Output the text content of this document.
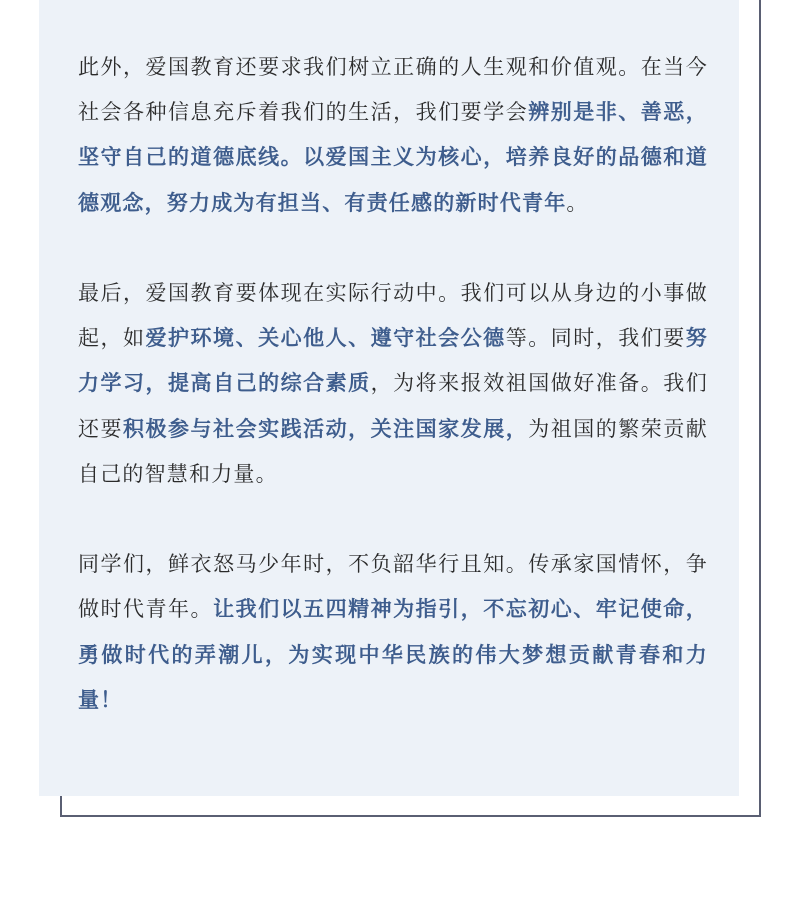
此外，爱国教育还要求我们树立正确的人生观和价值观。在当今社会各种信息充斥着我们的生活，我们要学会辨别是非、善恶，坚守自己的道德底线。以爱国主义为核心，培养良好的品德和道德观念，努力成为有担当、有责任感的新时代青年。

最后，爱国教育要体现在实际行动中。我们可以从身边的小事做起，如爱护环境、关心他人、遵守社会公德等。同时，我们要努力学习，提高自己的综合素质，为将来报效祖国做好准备。我们还要积极参与社会实践活动，关注国家发展，为祖国的繁荣贡献自己的智慧和力量。

同学们，鲜衣怒马少年时，不负韶华行且知。传承家国情怀，争做时代青年。让我们以五四精神为指引，不忘初心、牢记使命，勇做时代的弄潮儿，为实现中华民族的伟大梦想贡献青春和力量！
